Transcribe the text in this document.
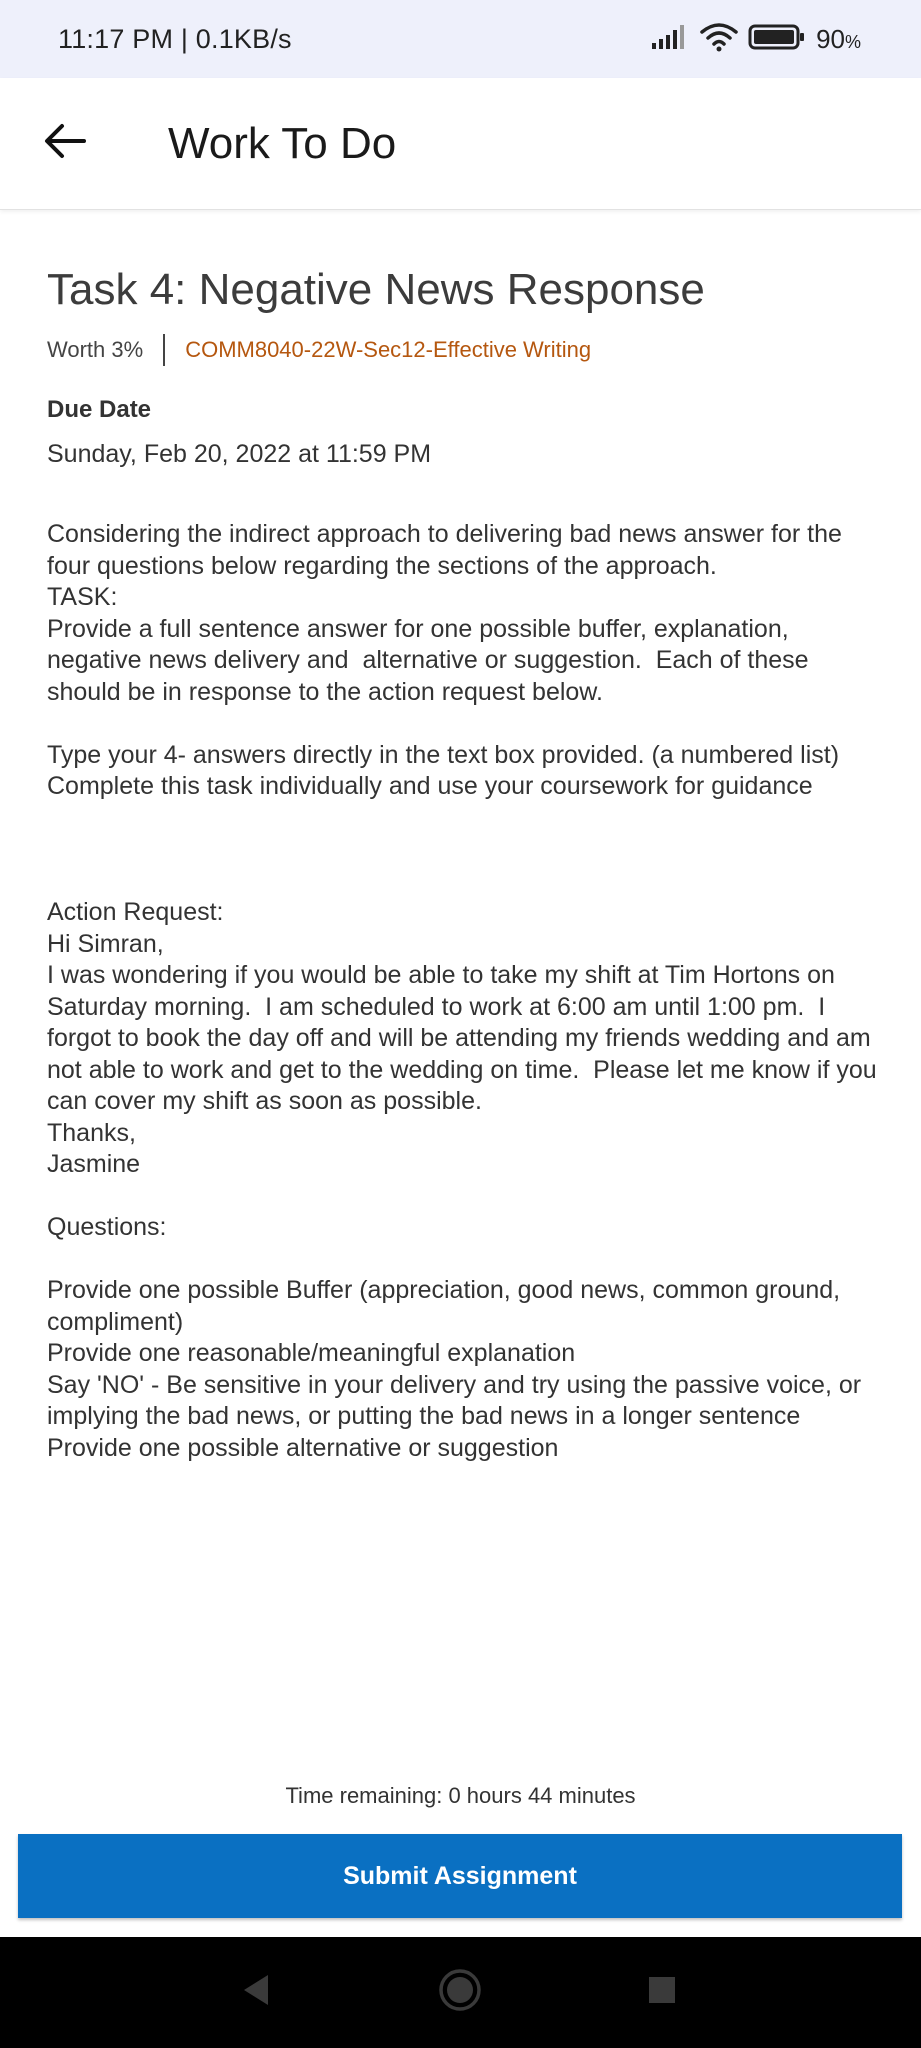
11:17 PM | 0.1KB/s	90%
Work To Do
Task 4: Negative News Response
Worth 3% COMM8040-22W-Sec12-Effective Writing
Due Date
Sunday, Feb 20, 2022 at 11:59 PM
Considering the indirect approach to delivering bad news answer for the four questions below regarding the sections of the approach.
TASK:
Provide a full sentence answer for one possible buffer, explanation, negative news delivery and  alternative or suggestion.  Each of these should be in response to the action request below.

Type your 4- answers directly in the text box provided. (a numbered list)
Complete this task individually and use your coursework for guidance

Action Request:
Hi Simran,
I was wondering if you would be able to take my shift at Tim Hortons on Saturday morning.  I am scheduled to work at 6:00 am until 1:00 pm.  I forgot to book the day off and will be attending my friends wedding and am not able to work and get to the wedding on time.  Please let me know if you can cover my shift as soon as possible.
Thanks,
Jasmine

Questions:

Provide one possible Buffer (appreciation, good news, common ground, compliment)
Provide one reasonable/meaningful explanation
Say 'NO' - Be sensitive in your delivery and try using the passive voice, or implying the bad news, or putting the bad news in a longer sentence
Provide one possible alternative or suggestion
Time remaining: 0 hours 44 minutes
Submit Assignment
